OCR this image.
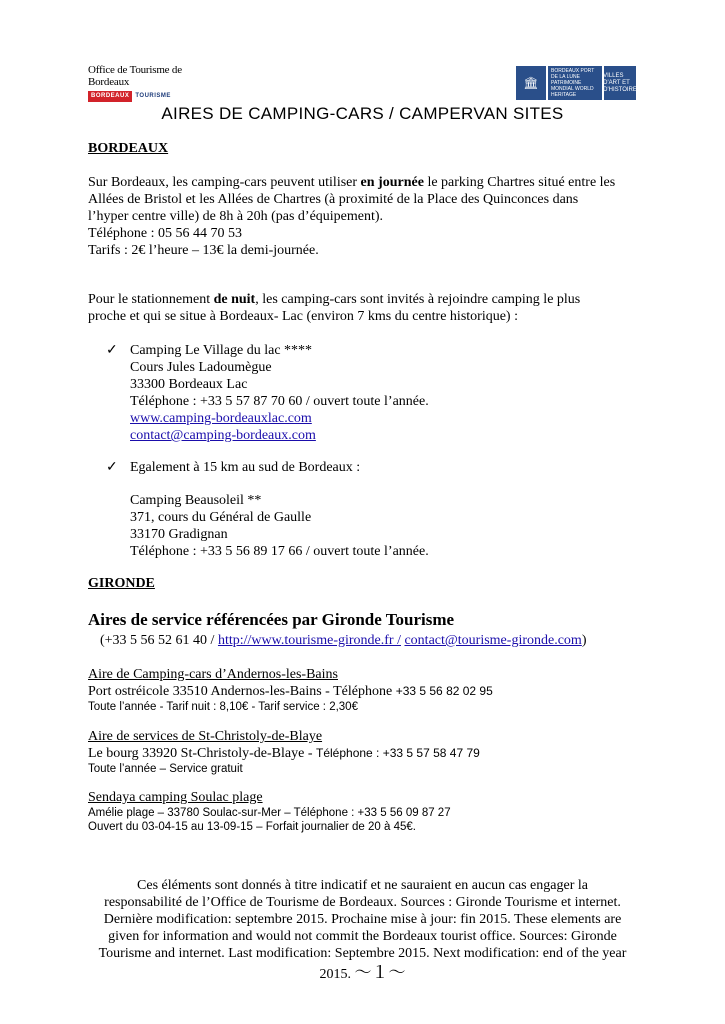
Office de Tourisme de Bordeaux
BORDEAUX	TOURISME
🏛
BORDEAUX PORT DE LA LUNE PATRIMOINE MONDIAL WORLD HERITAGE
VILLES D'ART ET D'HISTOIRE
AIRES DE CAMPING-CARS / CAMPERVAN SITES
BORDEAUX
Sur Bordeaux, les camping-cars peuvent utiliser en journée le parking Chartres situé entre les
Allées de Bristol et les Allées de Chartres (à proximité de la Place des Quinconces dans
l’hyper centre ville) de 8h à 20h (pas d’équipement).
Téléphone : 05 56 44 70 53
Tarifs : 2€ l’heure – 13€ la demi-journée.
Pour le stationnement de nuit, les camping-cars sont invités à rejoindre camping le plus
proche et qui se situe à Bordeaux- Lac (environ 7 kms du centre historique) :
✓ Camping Le Village du lac ****
Cours Jules Ladoumègue
33300 Bordeaux Lac
Téléphone : +33 5 57 87 70 60 / ouvert toute l’année.
www.camping-bordeauxlac.com
contact@camping-bordeaux.com
✓ Egalement à 15 km au sud de Bordeaux :
Camping Beausoleil **
371, cours du Général de Gaulle
33170 Gradignan
Téléphone : +33 5 56 89 17 66 / ouvert toute l’année.
GIRONDE
Aires de service référencées par Gironde Tourisme
(+33 5 56 52 61 40 / http://www.tourisme-gironde.fr / contact@tourisme-gironde.com)
Aire de Camping-cars d’Andernos-les-Bains
Port ostréicole 33510 Andernos-les-Bains - Téléphone +33 5 56 82 02 95
Toute l’année - Tarif nuit : 8,10€ - Tarif service : 2,30€
Aire de services de St-Christoly-de-Blaye
Le bourg 33920 St-Christoly-de-Blaye - Téléphone : +33 5 57 58 47 79
Toute l’année – Service gratuit
Sendaya camping Soulac plage
Amélie plage – 33780 Soulac-sur-Mer – Téléphone : +33 5 56 09 87 27
Ouvert du 03-04-15 au 13-09-15 – Forfait journalier de 20 à 45€.
Ces éléments sont donnés à titre indicatif et ne sauraient en aucun cas engager la
responsabilité de l’Office de Tourisme de Bordeaux. Sources : Gironde Tourisme et internet.
Dernière modification: septembre 2015. Prochaine mise à jour: fin 2015. These elements are
given for information and would not commit the Bordeaux tourist office. Sources: Gironde
Tourisme and internet. Last modification: Septembre 2015. Next modification: end of the year
2015. ～１～
